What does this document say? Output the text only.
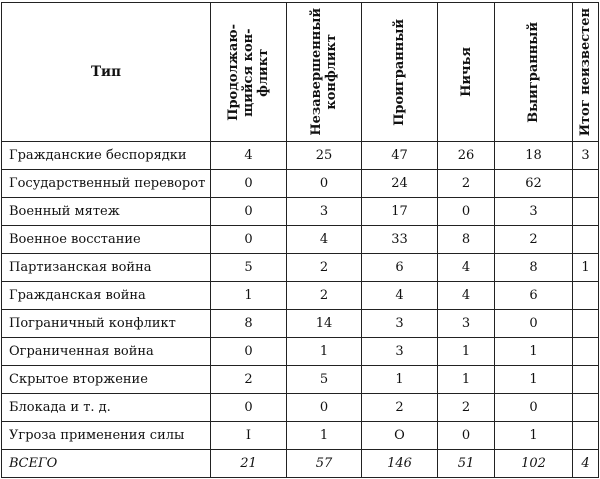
Тип	Продолжаю-
щийся кон-
фликт	Незавершенный
конфликт	Проигранный	Ничья	Выигранный	Итог неизвестен

Гражданские беспорядки	4	25	47	26	18	3
Государственный переворот	0	0	24	2	62	
Военный мятеж	0	3	17	0	3	
Военное восстание	0	4	33	8	2	
Партизанская война	5	2	6	4	8	1
Гражданская война	1	2	4	4	6	
Пограничный конфликт	8	14	3	3	0	
Ограниченная война	0	1	3	1	1	
Скрытое вторжение	2	5	1	1	1	
Блокада и т. д.	0	0	2	2	0	
Угроза применения силы	I	1	O	0	1	
ВСЕГО	21	57	146	51	102	4
